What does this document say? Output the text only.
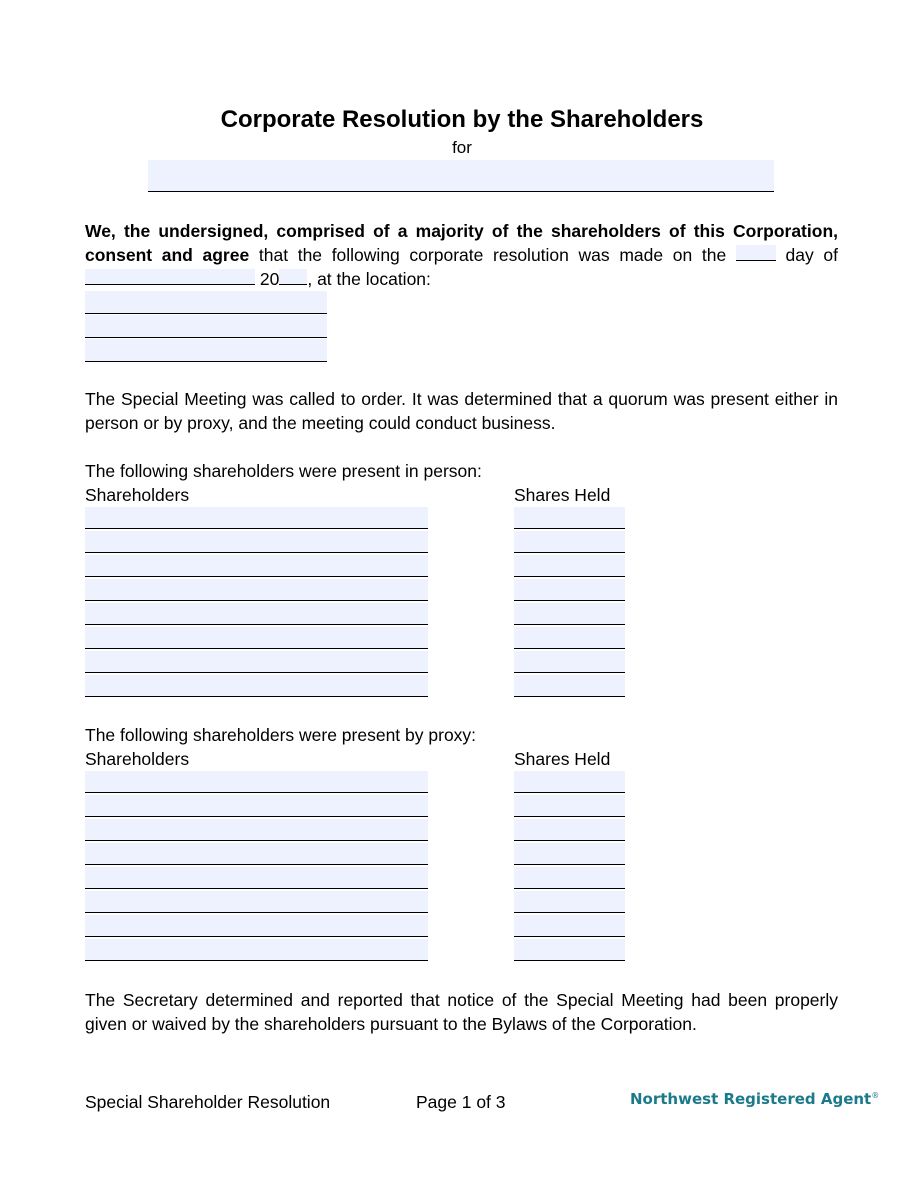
Corporate Resolution by the Shareholders
for
We, the undersigned, comprised of a majority of the shareholders of this Corporation, consent and agree that the following corporate resolution was made on the	day of  20 , at the location:
The Special Meeting was called to order. It was determined that a quorum was present either in person or by proxy, and the meeting could conduct business.
The following shareholders were present in person:
Shareholders	Shares Held
The following shareholders were present by proxy:
Shareholders	Shares Held
The Secretary determined and reported that notice of the Special Meeting had been properly given or waived by the shareholders pursuant to the Bylaws of the Corporation.
Special Shareholder Resolution	Page 1 of 3	Northwest Registered Agent®
